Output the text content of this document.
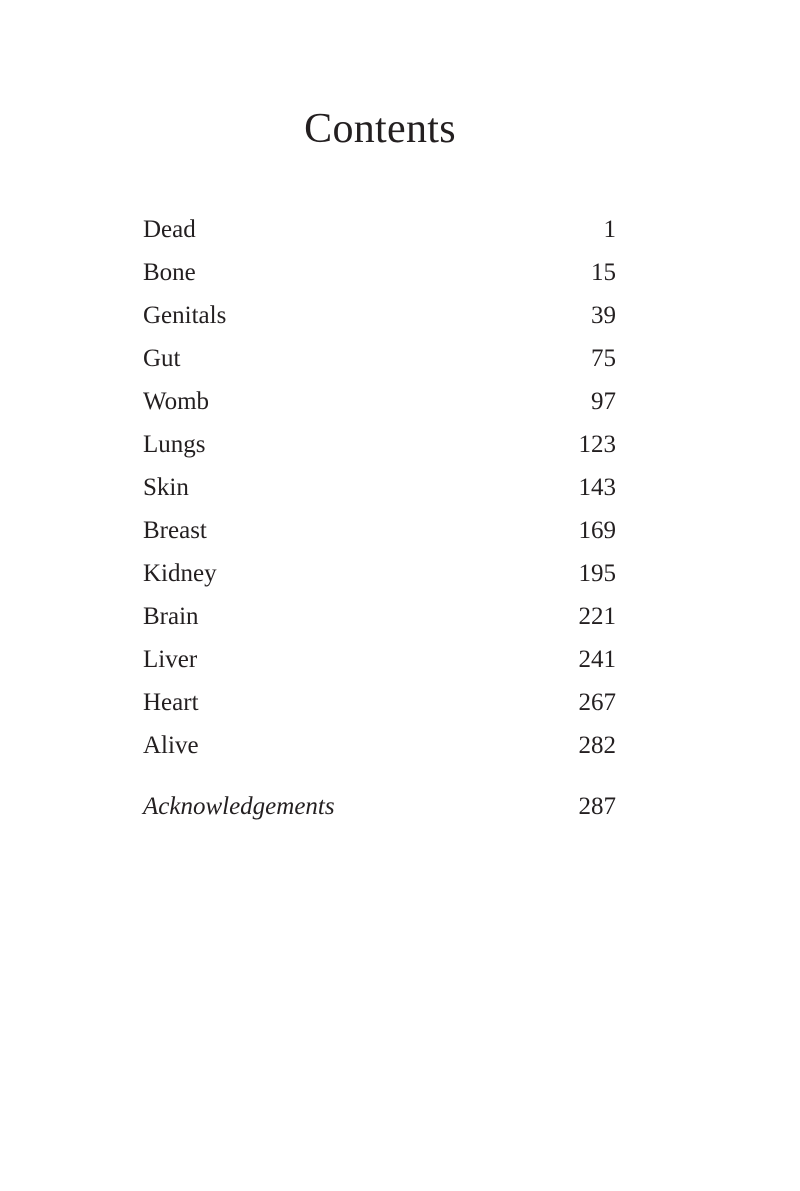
Contents
Dead	1
Bone	15
Genitals	39
Gut	75
Womb	97
Lungs	123
Skin	143
Breast	169
Kidney	195
Brain	221
Liver	241
Heart	267
Alive	282
Acknowledgements	287
